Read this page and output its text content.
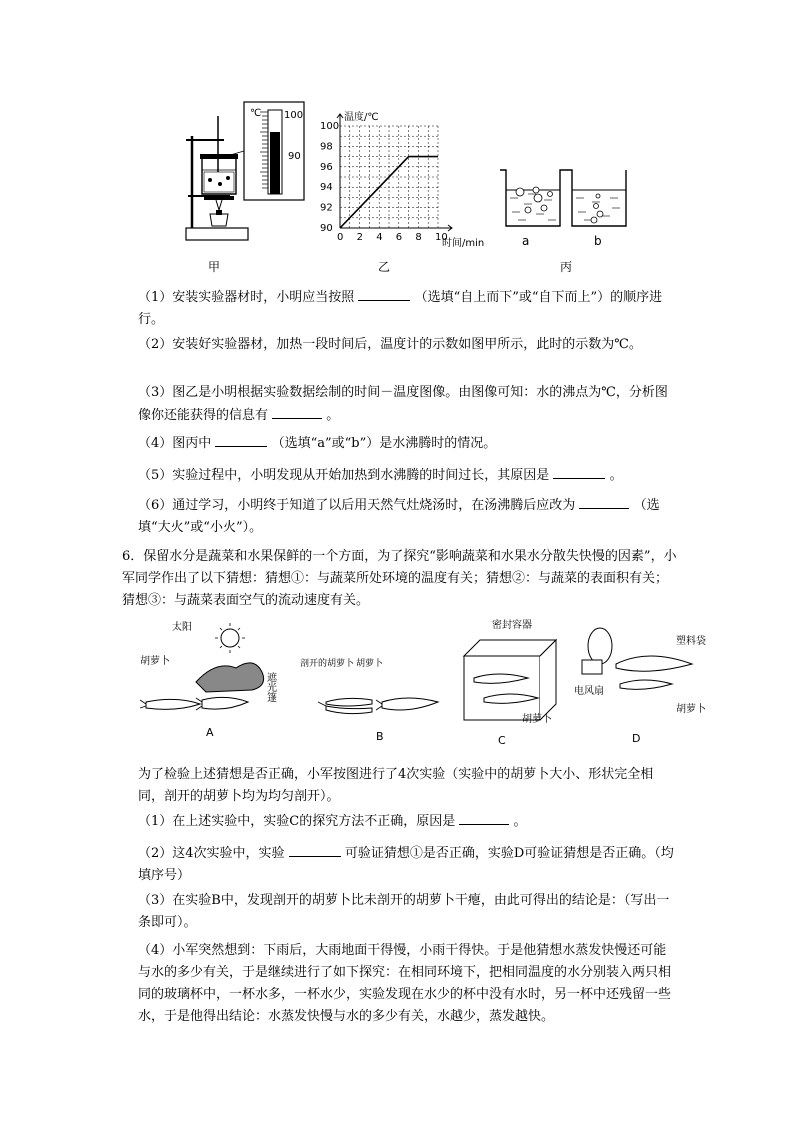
℃ 100
90
甲
0 2 4 6 8 10
90
92
94
96
98
100
温度/℃
时间/min
乙
a	b
丙
（1）安装实验器材时，小明应当按照	（选填“自上而下”或“自下而上”）的顺序进行。
（2）安装好实验器材，加热一段时间后，温度计的示数如图甲所示，此时的示数为℃。
（3）图乙是小明根据实验数据绘制的时间－温度图像。由图像可知：水的沸点为℃，分析图像你还能获得的信息有	。
（4）图丙中	（选填“a”或“b”）是水沸腾时的情况。
（5）实验过程中，小明发现从开始加热到水沸腾的时间过长，其原因是	。
（6）通过学习，小明终于知道了以后用天然气灶烧汤时，在汤沸腾后应改为	（选填“大火”或“小火”）。
6．保留水分是蔬菜和水果保鲜的一个方面，为了探究“影响蔬菜和水果水分散失快慢的因素”，小军同学作出了以下猜想：猜想①：与蔬菜所处环境的温度有关；猜想②：与蔬菜的表面积有关；猜想③：与蔬菜表面空气的流动速度有关。
太阳
胡萝卜
遮光篷
A
剖开的胡萝卜 胡萝卜
B
密封容器
胡萝卜
C
电风扇
塑料袋
胡萝卜
D
为了检验上述猜想是否正确，小军按图进行了4次实验（实验中的胡萝卜大小、形状完全相同，剖开的胡萝卜均为均匀剖开）。
（1）在上述实验中，实验C的探究方法不正确，原因是	。
（2）这4次实验中，实验	可验证猜想①是否正确，实验D可验证猜想是否正确。（均填序号）
（3）在实验B中，发现剖开的胡萝卜比未剖开的胡萝卜干瘪，由此可得出的结论是：（写出一条即可）。
（4）小军突然想到：下雨后，大雨地面干得慢，小雨干得快。于是他猜想水蒸发快慢还可能与水的多少有关，于是继续进行了如下探究：在相同环境下，把相同温度的水分别装入两只相同的玻璃杯中，一杯水多，一杯水少，实验发现在水少的杯中没有水时，另一杯中还残留一些水，于是他得出结论：水蒸发快慢与水的多少有关，水越少，蒸发越快。
